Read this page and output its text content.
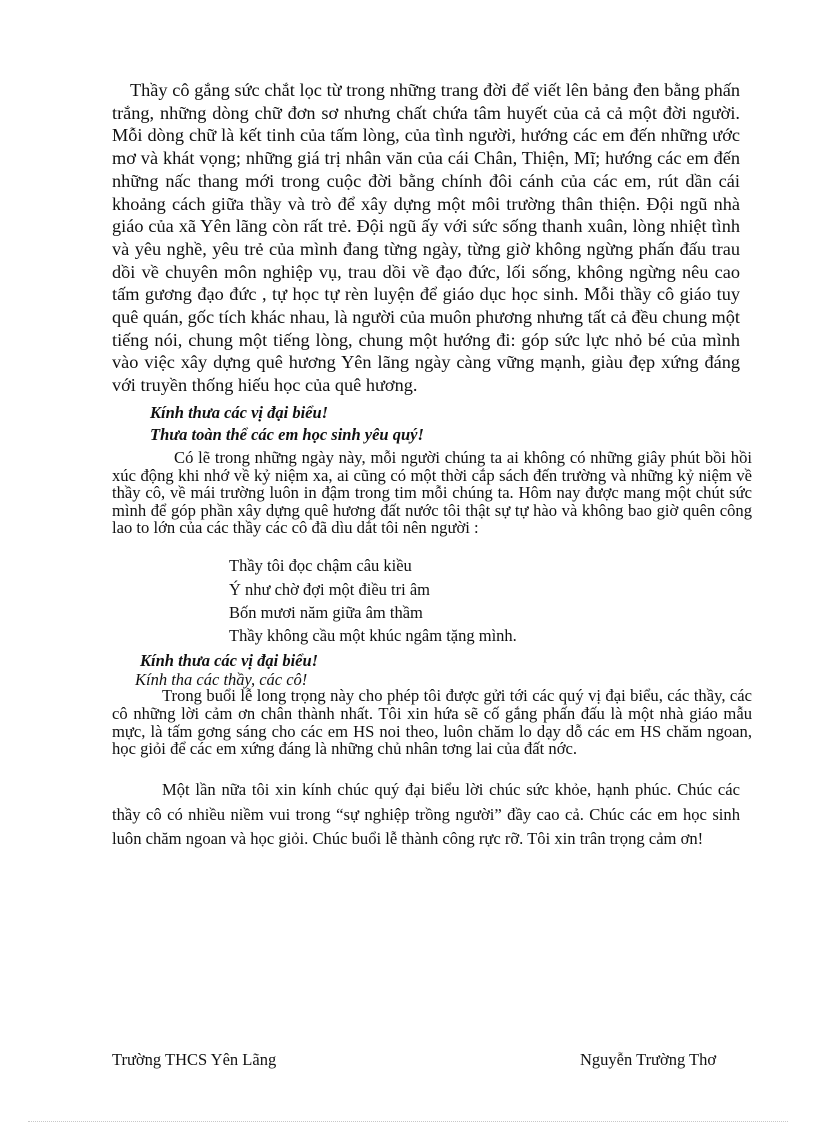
Thầy cô gắng sức chắt lọc từ trong những trang đời để viết lên bảng đen bằng phấn trắng, những dòng chữ đơn sơ nhưng chất chứa tâm huyết của cả cả một đời người. Mỗi dòng chữ là kết tinh của tấm lòng, của tình người, hướng các em đến những ước mơ và khát vọng; những giá trị nhân văn của cái Chân, Thiện, Mĩ; hướng các em đến những nấc thang mới trong cuộc đời bằng chính đôi cánh của các em, rút dần cái khoảng cách giữa thầy và trò để xây dựng một môi trường thân thiện. Đội ngũ nhà giáo của xã Yên lãng còn rất trẻ. Đội ngũ ấy với sức sống thanh xuân, lòng nhiệt tình và yêu nghề, yêu trẻ của mình đang từng ngày, từng giờ không ngừng phấn đấu trau dồi về chuyên môn nghiệp vụ, trau dồi về đạo đức, lối sống, không ngừng nêu cao tấm gương đạo đức , tự học tự rèn luyện để giáo dục học sinh. Mỗi thầy cô giáo tuy quê quán, gốc tích khác nhau, là người của muôn phương nhưng tất cả đều chung một tiếng nói, chung một tiếng lòng, chung một hướng đi: góp sức lực nhỏ bé của mình vào việc xây dựng quê hương Yên lãng ngày càng vững mạnh, giàu đẹp xứng đáng với truyền thống hiếu học của quê hương.

Kính thưa các vị đại biểu!
Thưa toàn thể các em học sinh yêu quý!

Có lẽ trong những ngày này, mỗi người chúng ta ai không có những giây phút bồi hồi xúc động khi nhớ về kỷ niệm xa, ai cũng có một thời cắp sách đến trường và những kỷ niệm về thầy cô, về mái trường luôn in đậm trong tim mỗi chúng ta. Hôm nay được mang một chút sức mình để góp phần xây dựng quê hương đất nước tôi thật sự tự hào và không bao giờ quên công lao to lớn của các thầy các cô đã dìu dắt tôi nên người :

Thầy tôi đọc chậm câu kiều
Ý như chờ đợi một điều tri âm
Bốn mươi năm giữa âm thầm
Thầy không cầu một khúc ngâm tặng mình.
Kính thưa các vị đại biểu!
Kính tha các thầy, các cô!

Trong buổi lễ long trọng này cho phép tôi được gửi tới các quý vị đại biểu, các thầy, các cô những lời cảm ơn chân thành nhất. Tôi xin hứa sẽ cố gắng phấn đấu là một nhà giáo mẫu mực, là tấm gơng sáng cho các em HS noi theo, luôn chăm lo dạy dỗ các em HS chăm ngoan, học giỏi để các em xứng đáng là những chủ nhân tơng lai của đất nớc.

Một lần nữa tôi xin kính chúc quý đại biểu lời chúc sức khỏe, hạnh phúc. Chúc các thầy cô có nhiều niềm vui trong “sự nghiệp trồng người” đầy cao cả. Chúc các em học sinh luôn chăm ngoan và học giỏi. Chúc buổi lễ thành công rực rỡ. Tôi xin trân trọng cảm ơn!

Trường THCS Yên Lãng	Nguyễn Trường Thơ
